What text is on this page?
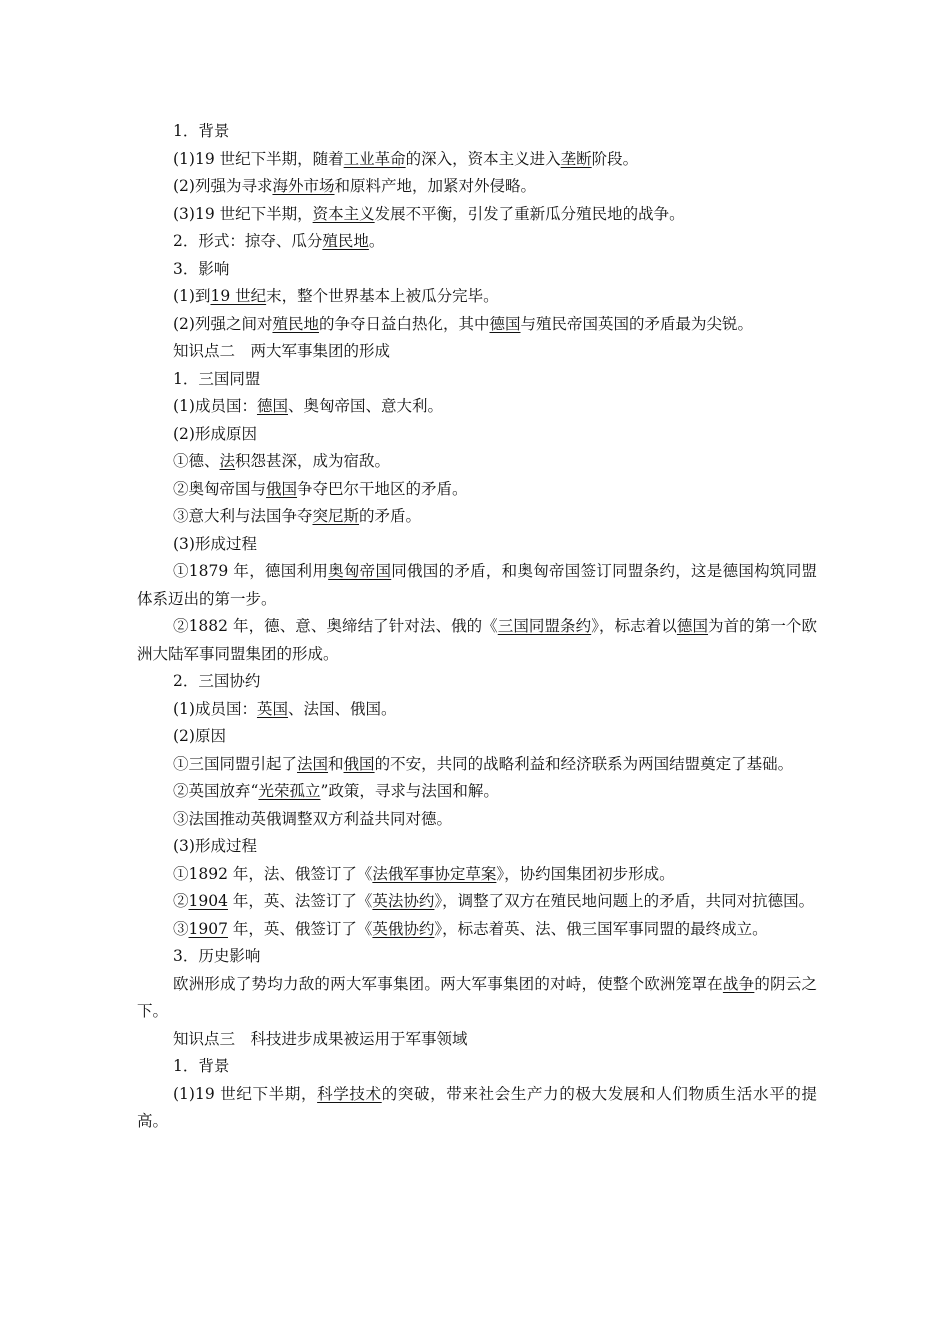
1．背景
(1)19 世纪下半期，随着工业革命的深入，资本主义进入垄断阶段。
(2)列强为寻求海外市场和原料产地，加紧对外侵略。
(3)19 世纪下半期，资本主义发展不平衡，引发了重新瓜分殖民地的战争。
2．形式：掠夺、瓜分殖民地。
3．影响
(1)到19 世纪末，整个世界基本上被瓜分完毕。
(2)列强之间对殖民地的争夺日益白热化，其中德国与殖民帝国英国的矛盾最为尖锐。
知识点二　两大军事集团的形成
1．三国同盟
(1)成员国：德国、奥匈帝国、意大利。
(2)形成原因
①德、法积怨甚深，成为宿敌。
②奥匈帝国与俄国争夺巴尔干地区的矛盾。
③意大利与法国争夺突尼斯的矛盾。
(3)形成过程
①1879 年，德国利用奥匈帝国同俄国的矛盾，和奥匈帝国签订同盟条约，这是德国构筑同盟体系迈出的第一步。
②1882 年，德、意、奥缔结了针对法、俄的《三国同盟条约》，标志着以德国为首的第一个欧洲大陆军事同盟集团的形成。
2．三国协约
(1)成员国：英国、法国、俄国。
(2)原因
①三国同盟引起了法国和俄国的不安，共同的战略利益和经济联系为两国结盟奠定了基础。
②英国放弃“光荣孤立”政策，寻求与法国和解。
③法国推动英俄调整双方利益共同对德。
(3)形成过程
①1892 年，法、俄签订了《法俄军事协定草案》，协约国集团初步形成。
②1904 年，英、法签订了《英法协约》，调整了双方在殖民地问题上的矛盾，共同对抗德国。
③1907 年，英、俄签订了《英俄协约》，标志着英、法、俄三国军事同盟的最终成立。
3．历史影响
欧洲形成了势均力敌的两大军事集团。两大军事集团的对峙，使整个欧洲笼罩在战争的阴云之下。
知识点三　科技进步成果被运用于军事领域
1．背景
(1)19 世纪下半期，科学技术的突破，带来社会生产力的极大发展和人们物质生活水平的提高。
